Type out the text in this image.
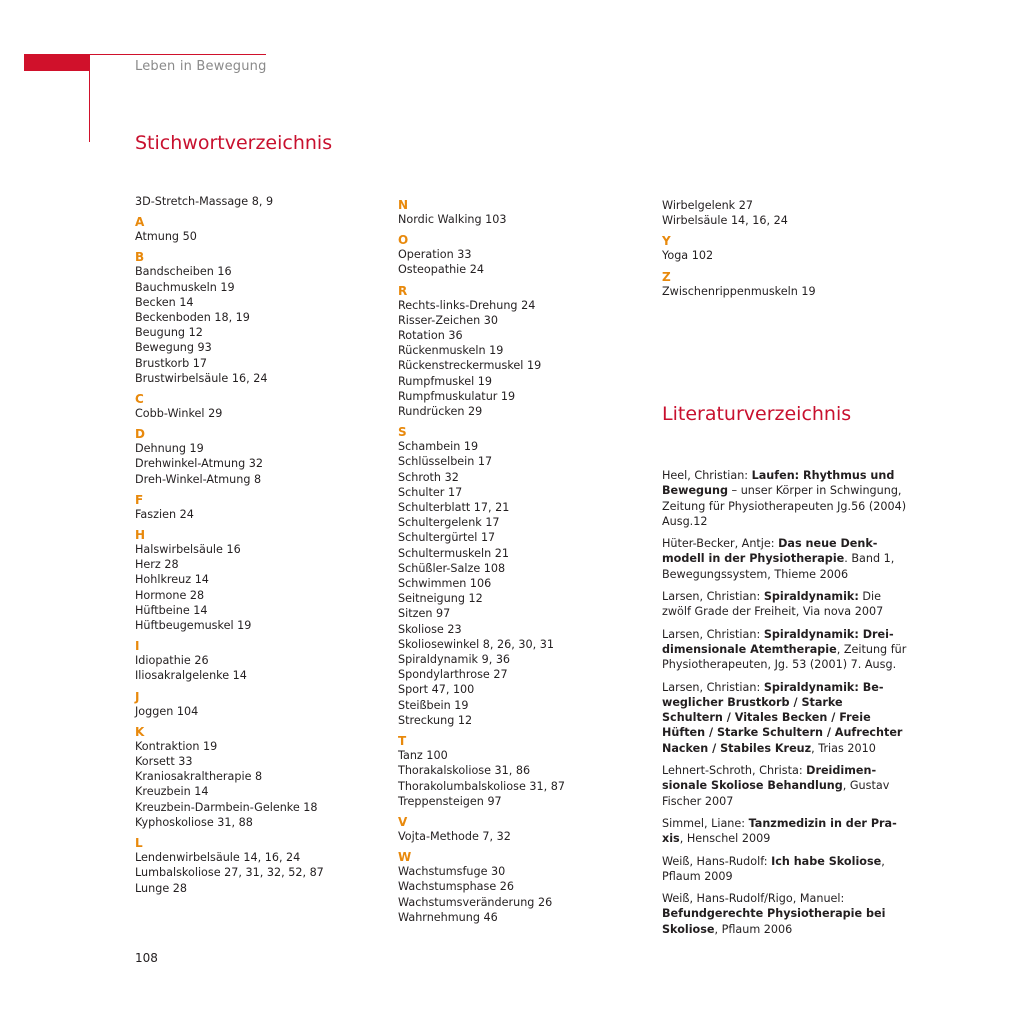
Leben in Bewegung
Stichwortverzeichnis
3D-Stretch-Massage 8, 9
A
Atmung 50
B
Bandscheiben 16
Bauchmuskeln 19
Becken 14
Beckenboden 18, 19
Beugung 12
Bewegung 93
Brustkorb 17
Brustwirbelsäule 16, 24
C
Cobb-Winkel 29
D
Dehnung 19
Drehwinkel-Atmung 32
Dreh-Winkel-Atmung 8
F
Faszien 24
H
Halswirbelsäule 16
Herz 28
Hohlkreuz 14
Hormone 28
Hüftbeine 14
Hüftbeugemuskel 19
I
Idiopathie 26
Iliosakralgelenke 14
J
Joggen 104
K
Kontraktion 19
Korsett 33
Kraniosakraltherapie 8
Kreuzbein 14
Kreuzbein-Darmbein-Gelenke 18
Kyphoskoliose 31, 88
L
Lendenwirbelsäule 14, 16, 24
Lumbalskoliose 27, 31, 32, 52, 87
Lunge 28
N
Nordic Walking 103
O
Operation 33
Osteopathie 24
R
Rechts-links-Drehung 24
Risser-Zeichen 30
Rotation 36
Rückenmuskeln 19
Rückenstreckermuskel 19
Rumpfmuskel 19
Rumpfmuskulatur 19
Rundrücken 29
S
Schambein 19
Schlüsselbein 17
Schroth 32
Schulter 17
Schulterblatt 17, 21
Schultergelenk 17
Schultergürtel 17
Schultermuskeln 21
Schüßler-Salze 108
Schwimmen 106
Seitneigung 12
Sitzen 97
Skoliose 23
Skoliosewinkel 8, 26, 30, 31
Spiraldynamik 9, 36
Spondylarthrose 27
Sport 47, 100
Steißbein 19
Streckung 12
T
Tanz 100
Thorakalskoliose 31, 86
Thorakolumbalskoliose 31, 87
Treppensteigen 97
V
Vojta-Methode 7, 32
W
Wachstumsfuge 30
Wachstumsphase 26
Wachstumsveränderung 26
Wahrnehmung 46
Wirbelgelenk 27
Wirbelsäule 14, 16, 24
Y
Yoga 102
Z
Zwischenrippenmuskeln 19
Literaturverzeichnis
Heel, Christian: Laufen: Rhythmus und Bewegung – unser Körper in Schwingung, Zeitung für Physiotherapeuten Jg.56 (2004) Ausg.12
Hüter-Becker, Antje: Das neue Denkmodell in der Physiotherapie. Band 1, Bewegungssystem, Thieme 2006
Larsen, Christian: Spiraldynamik: Die zwölf Grade der Freiheit, Via nova 2007
Larsen, Christian: Spiraldynamik: Dreidimensionale Atemtherapie, Zeitung für Physiotherapeuten, Jg. 53 (2001) 7. Ausg.
Larsen, Christian: Spiraldynamik: Beweglicher Brustkorb / Starke Schultern / Vitales Becken / Freie Hüften / Starke Schultern / Aufrechter Nacken / Stabiles Kreuz, Trias 2010
Lehnert-Schroth, Christa: Dreidimensionale Skoliose Behandlung, Gustav Fischer 2007
Simmel, Liane: Tanzmedizin in der Praxis, Henschel 2009
Weiß, Hans-Rudolf: Ich habe Skoliose, Pflaum 2009
Weiß, Hans-Rudolf/Rigo, Manuel: Befundgerechte Physiotherapie bei Skoliose, Pflaum 2006
108
